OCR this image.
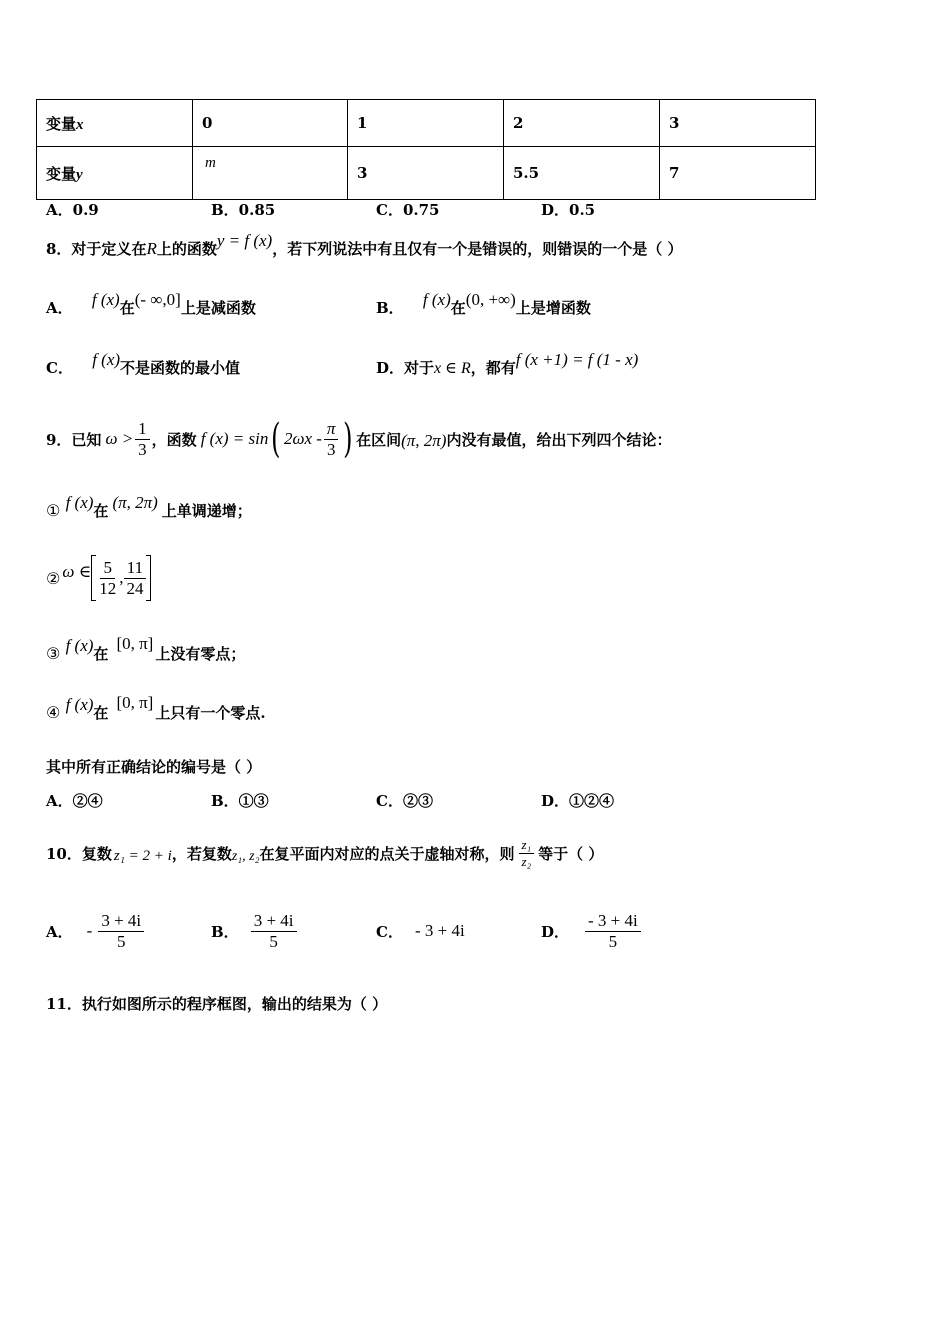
变量x	0	1	2	3
变量y	m	3	5.5	7
A．0.9	B．0.85	C．0.75	D．0.5
8．对于定义在R上的函数y = f (x)，若下列说法中有且仅有一个是错误的，则错误的一个是（ ）
A． f (x)在(- ∞,0]上是减函数	B． f (x)在(0, +∞)上是增函数
C． f (x)不是函数的最小值	D．对于x ∈ R，都有f (x +1) = f (1 - x)
9．已知 $\omega > \frac{1}{3}$ ，函数 f (x) = sin ( $2\omega x - \frac{\pi}{3}$ ) 在区间 (π, 2π) 内没有最值，给出下列四个结论：
① f (x)在 (π, 2π) 上单调递增；
② ω ∈ $\frac{5}{12}$ , $\frac{11}{24}$
③ f (x)在[0, π]上没有零点；
④ f (x)在[0, π]上只有一个零点.
其中所有正确结论的编号是（ ）
A．②④	B．①③	C．②③	D．①②④
10．复数 z₁ = 2 + i ，若复数 z₁, z₂ 在复平面内对应的点关于虚轴对称，则 $\frac{\text{z₁}}{\text{z₂}}$ 等于（ ）
A． - $\frac{3 + 4i}{5}$	B． $\frac{3 + 4i}{5}$	C． - 3 + 4i	D． $\frac{- 3 + 4i}{5}$
11．执行如图所示的程序框图，输出的结果为（ ）
